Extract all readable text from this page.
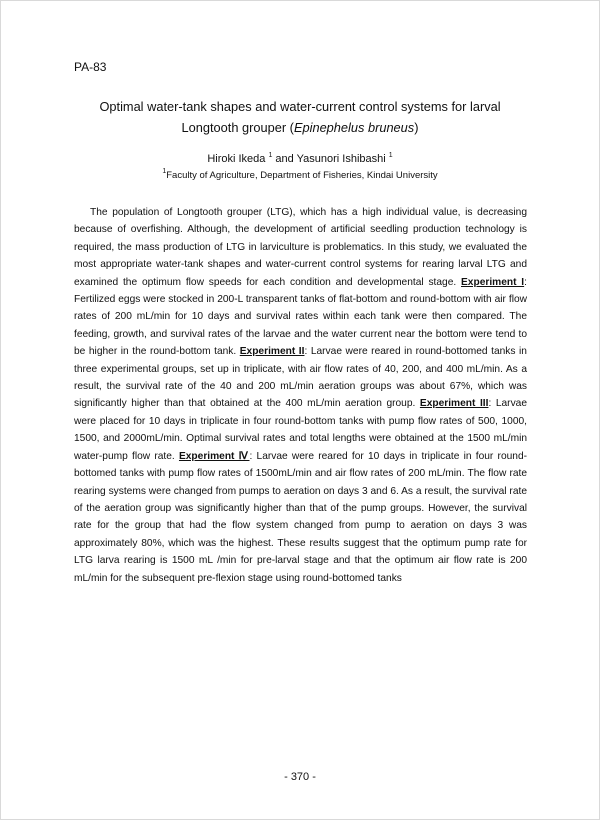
PA-83
Optimal water-tank shapes and water-current control systems for larval
Longtooth grouper (Epinephelus bruneus)
Hiroki Ikeda $^1$ and Yasunori Ishibashi $^1$
$^1$Faculty of Agriculture, Department of Fisheries, Kindai University

The population of Longtooth grouper (LTG), which has a high individual value, is decreasing because of overfishing. Although, the development of artificial seedling production technology is required, the mass production of LTG in larviculture is problematics. In this study, we evaluated the most appropriate water-tank shapes and water-current control systems for rearing larval LTG and examined the optimum flow speeds for each condition and developmental stage. Experiment I: Fertilized eggs were stocked in 200-L transparent tanks of flat-bottom and round-bottom with air flow rates of 200 mL/min for 10 days and survival rates within each tank were then compared. The feeding, growth, and survival rates of the larvae and the water current near the bottom were tend to be higher in the round-bottom tank. Experiment II: Larvae were reared in round-bottomed tanks in three experimental groups, set up in triplicate, with air flow rates of 40, 200, and 400 mL/min. As a result, the survival rate of the 40 and 200 mL/min aeration groups was about 67%, which was significantly higher than that obtained at the 400 mL/min aeration group. Experiment III: Larvae were placed for 10 days in triplicate in four round-bottom tanks with pump flow rates of 500, 1000, 1500, and 2000mL/min. Optimal survival rates and total lengths were obtained at the 1500 mL/min water-pump flow rate. Experiment Ⅳ: Larvae were reared for 10 days in triplicate in four round-bottomed tanks with pump flow rates of 1500mL/min and air flow rates of 200 mL/min. The flow rate rearing systems were changed from pumps to aeration on days 3 and 6. As a result, the survival rate of the aeration group was significantly higher than that of the pump groups. However, the survival rate for the group that had the flow system changed from pump to aeration on days 3 was approximately 80%, which was the highest. These results suggest that the optimum pump rate for LTG larva rearing is 1500 mL /min for pre-larval stage and that the optimum air flow rate is 200 mL/min for the subsequent pre-flexion stage using round-bottomed tanks

- 370 -
